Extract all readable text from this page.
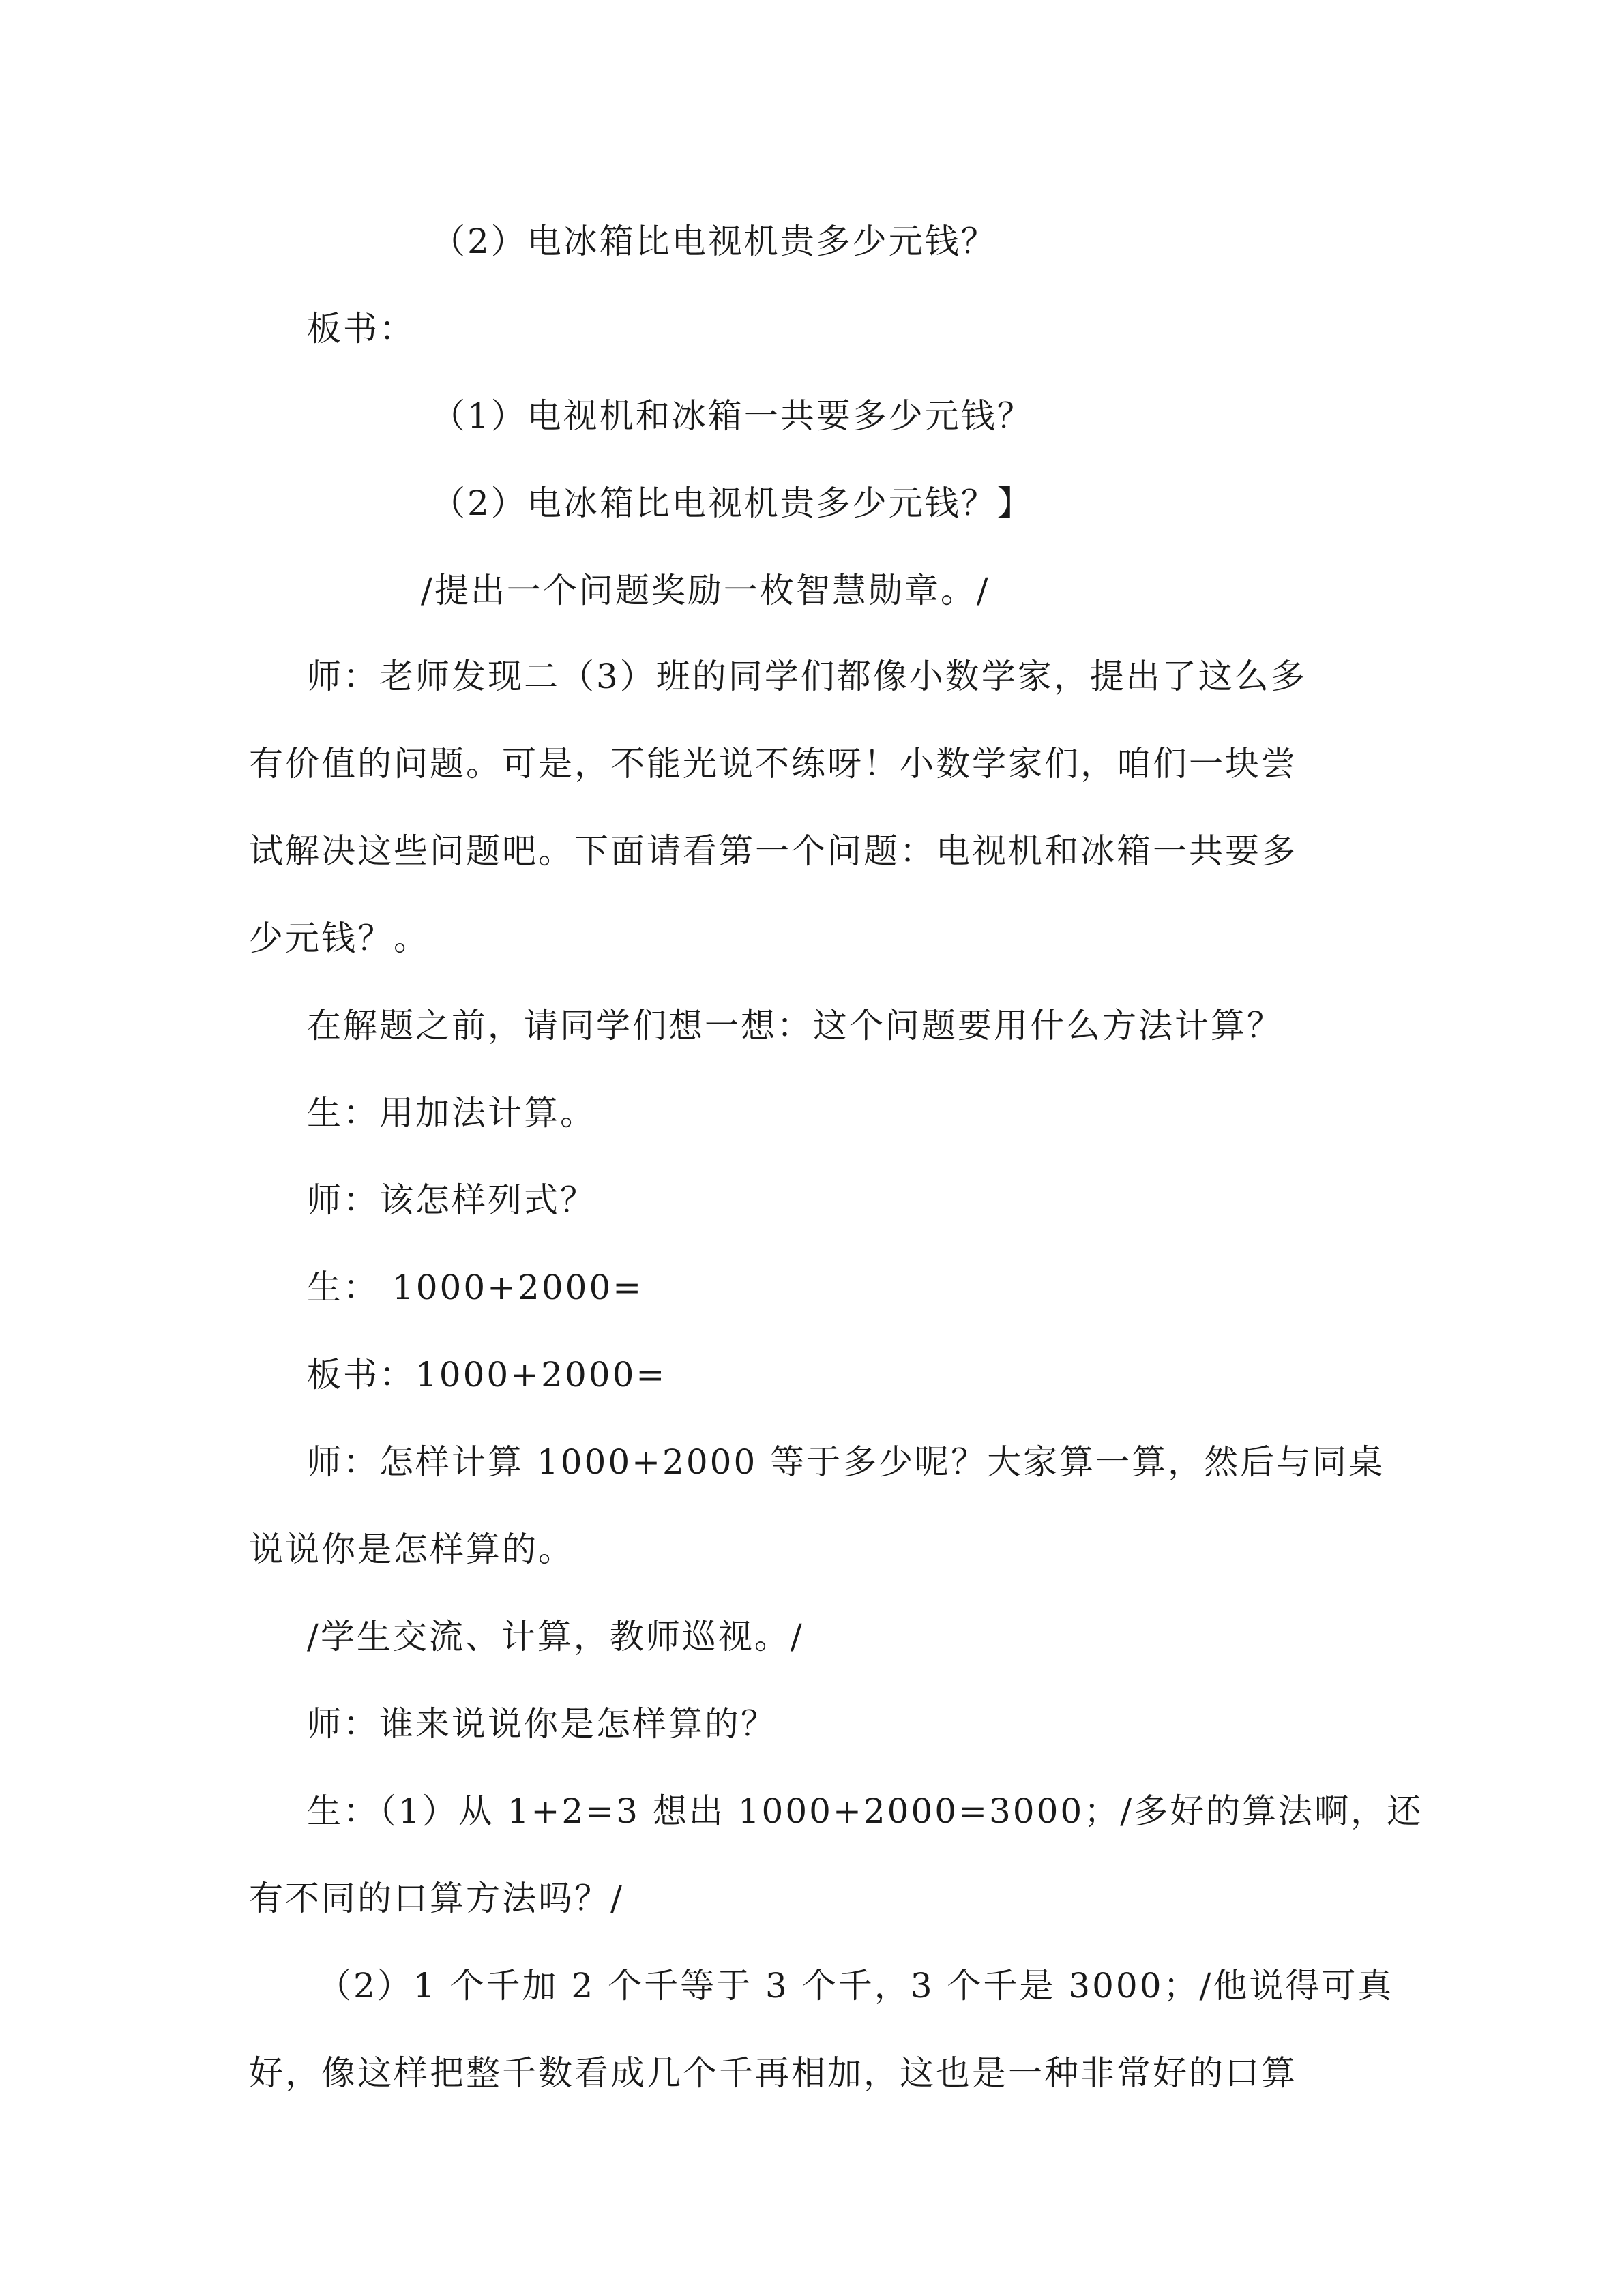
（2）电冰箱比电视机贵多少元钱？
板书：
（1）电视机和冰箱一共要多少元钱？
（2）电冰箱比电视机贵多少元钱？】
/提出一个问题奖励一枚智慧勋章。/
师：老师发现二（3）班的同学们都像小数学家，提出了这么多
有价值的问题。可是，不能光说不练呀！小数学家们，咱们一块尝
试解决这些问题吧。下面请看第一个问题：电视机和冰箱一共要多
少元钱？。
在解题之前，请同学们想一想：这个问题要用什么方法计算？
生：用加法计算。
师：该怎样列式？
生： 1000+2000=
板书：1000+2000=
师：怎样计算 1000+2000 等于多少呢？大家算一算，然后与同桌
说说你是怎样算的。
/学生交流、计算，教师巡视。/
师：谁来说说你是怎样算的？
生：（1）从 1+2=3 想出 1000+2000=3000；/多好的算法啊，还
有不同的口算方法吗？/
（2）1 个千加 2 个千等于 3 个千，3 个千是 3000；/他说得可真
好，像这样把整千数看成几个千再相加，这也是一种非常好的口算
